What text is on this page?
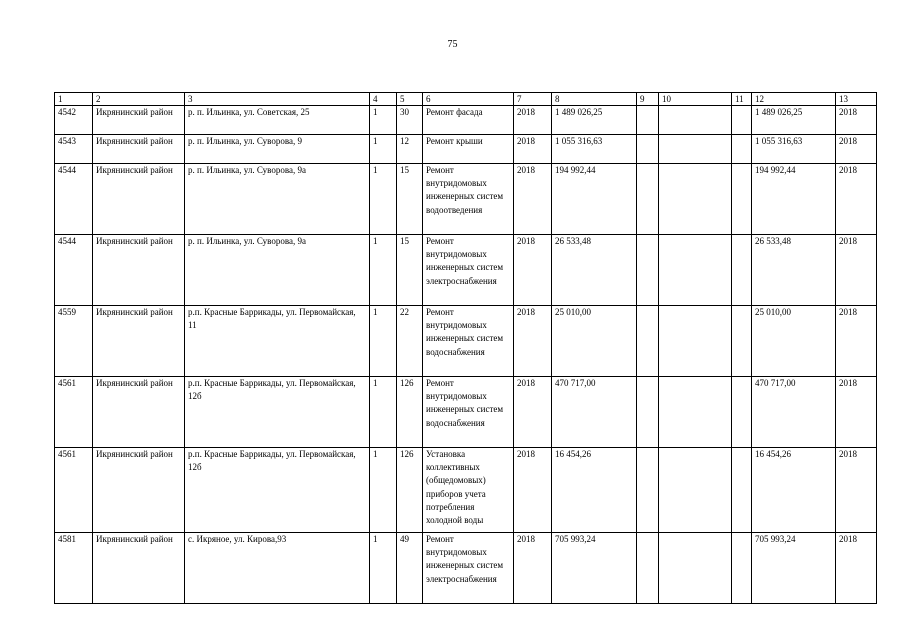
75
1	2	3	4	5	6	7	8	9	10	11	12	13
4542	Икрянинский район	р. п. Ильинка, ул. Советская, 25	1	30	Ремонт фасада	2018	1 489 026,25				1 489 026,25	2018
4543	Икрянинский район	р. п. Ильинка, ул. Суворова, 9	1	12	Ремонт крыши	2018	1 055 316,63				1 055 316,63	2018
4544	Икрянинский район	р. п. Ильинка, ул. Суворова, 9а	1	15	Ремонт внутридомовых инженерных систем водоотведения	2018	194 992,44				194 992,44	2018
4544	Икрянинский район	р. п. Ильинка, ул. Суворова, 9а	1	15	Ремонт внутридомовых инженерных систем электроснабжения	2018	26 533,48				26 533,48	2018
4559	Икрянинский район	р.п. Красные Баррикады, ул. Первомайская, 11	1	22	Ремонт внутридомовых инженерных систем водоснабжения	2018	25 010,00				25 010,00	2018
4561	Икрянинский район	р.п. Красные Баррикады, ул. Первомайская, 12б	1	126	Ремонт внутридомовых инженерных систем водоснабжения	2018	470 717,00				470 717,00	2018
4561	Икрянинский район	р.п. Красные Баррикады, ул. Первомайская, 12б	1	126	Установка коллективных (общедомовых) приборов учета потребления холодной воды	2018	16 454,26				16 454,26	2018
4581	Икрянинский район	с. Икряное, ул. Кирова,93	1	49	Ремонт внутридомовых инженерных систем электроснабжения	2018	705 993,24				705 993,24	2018
